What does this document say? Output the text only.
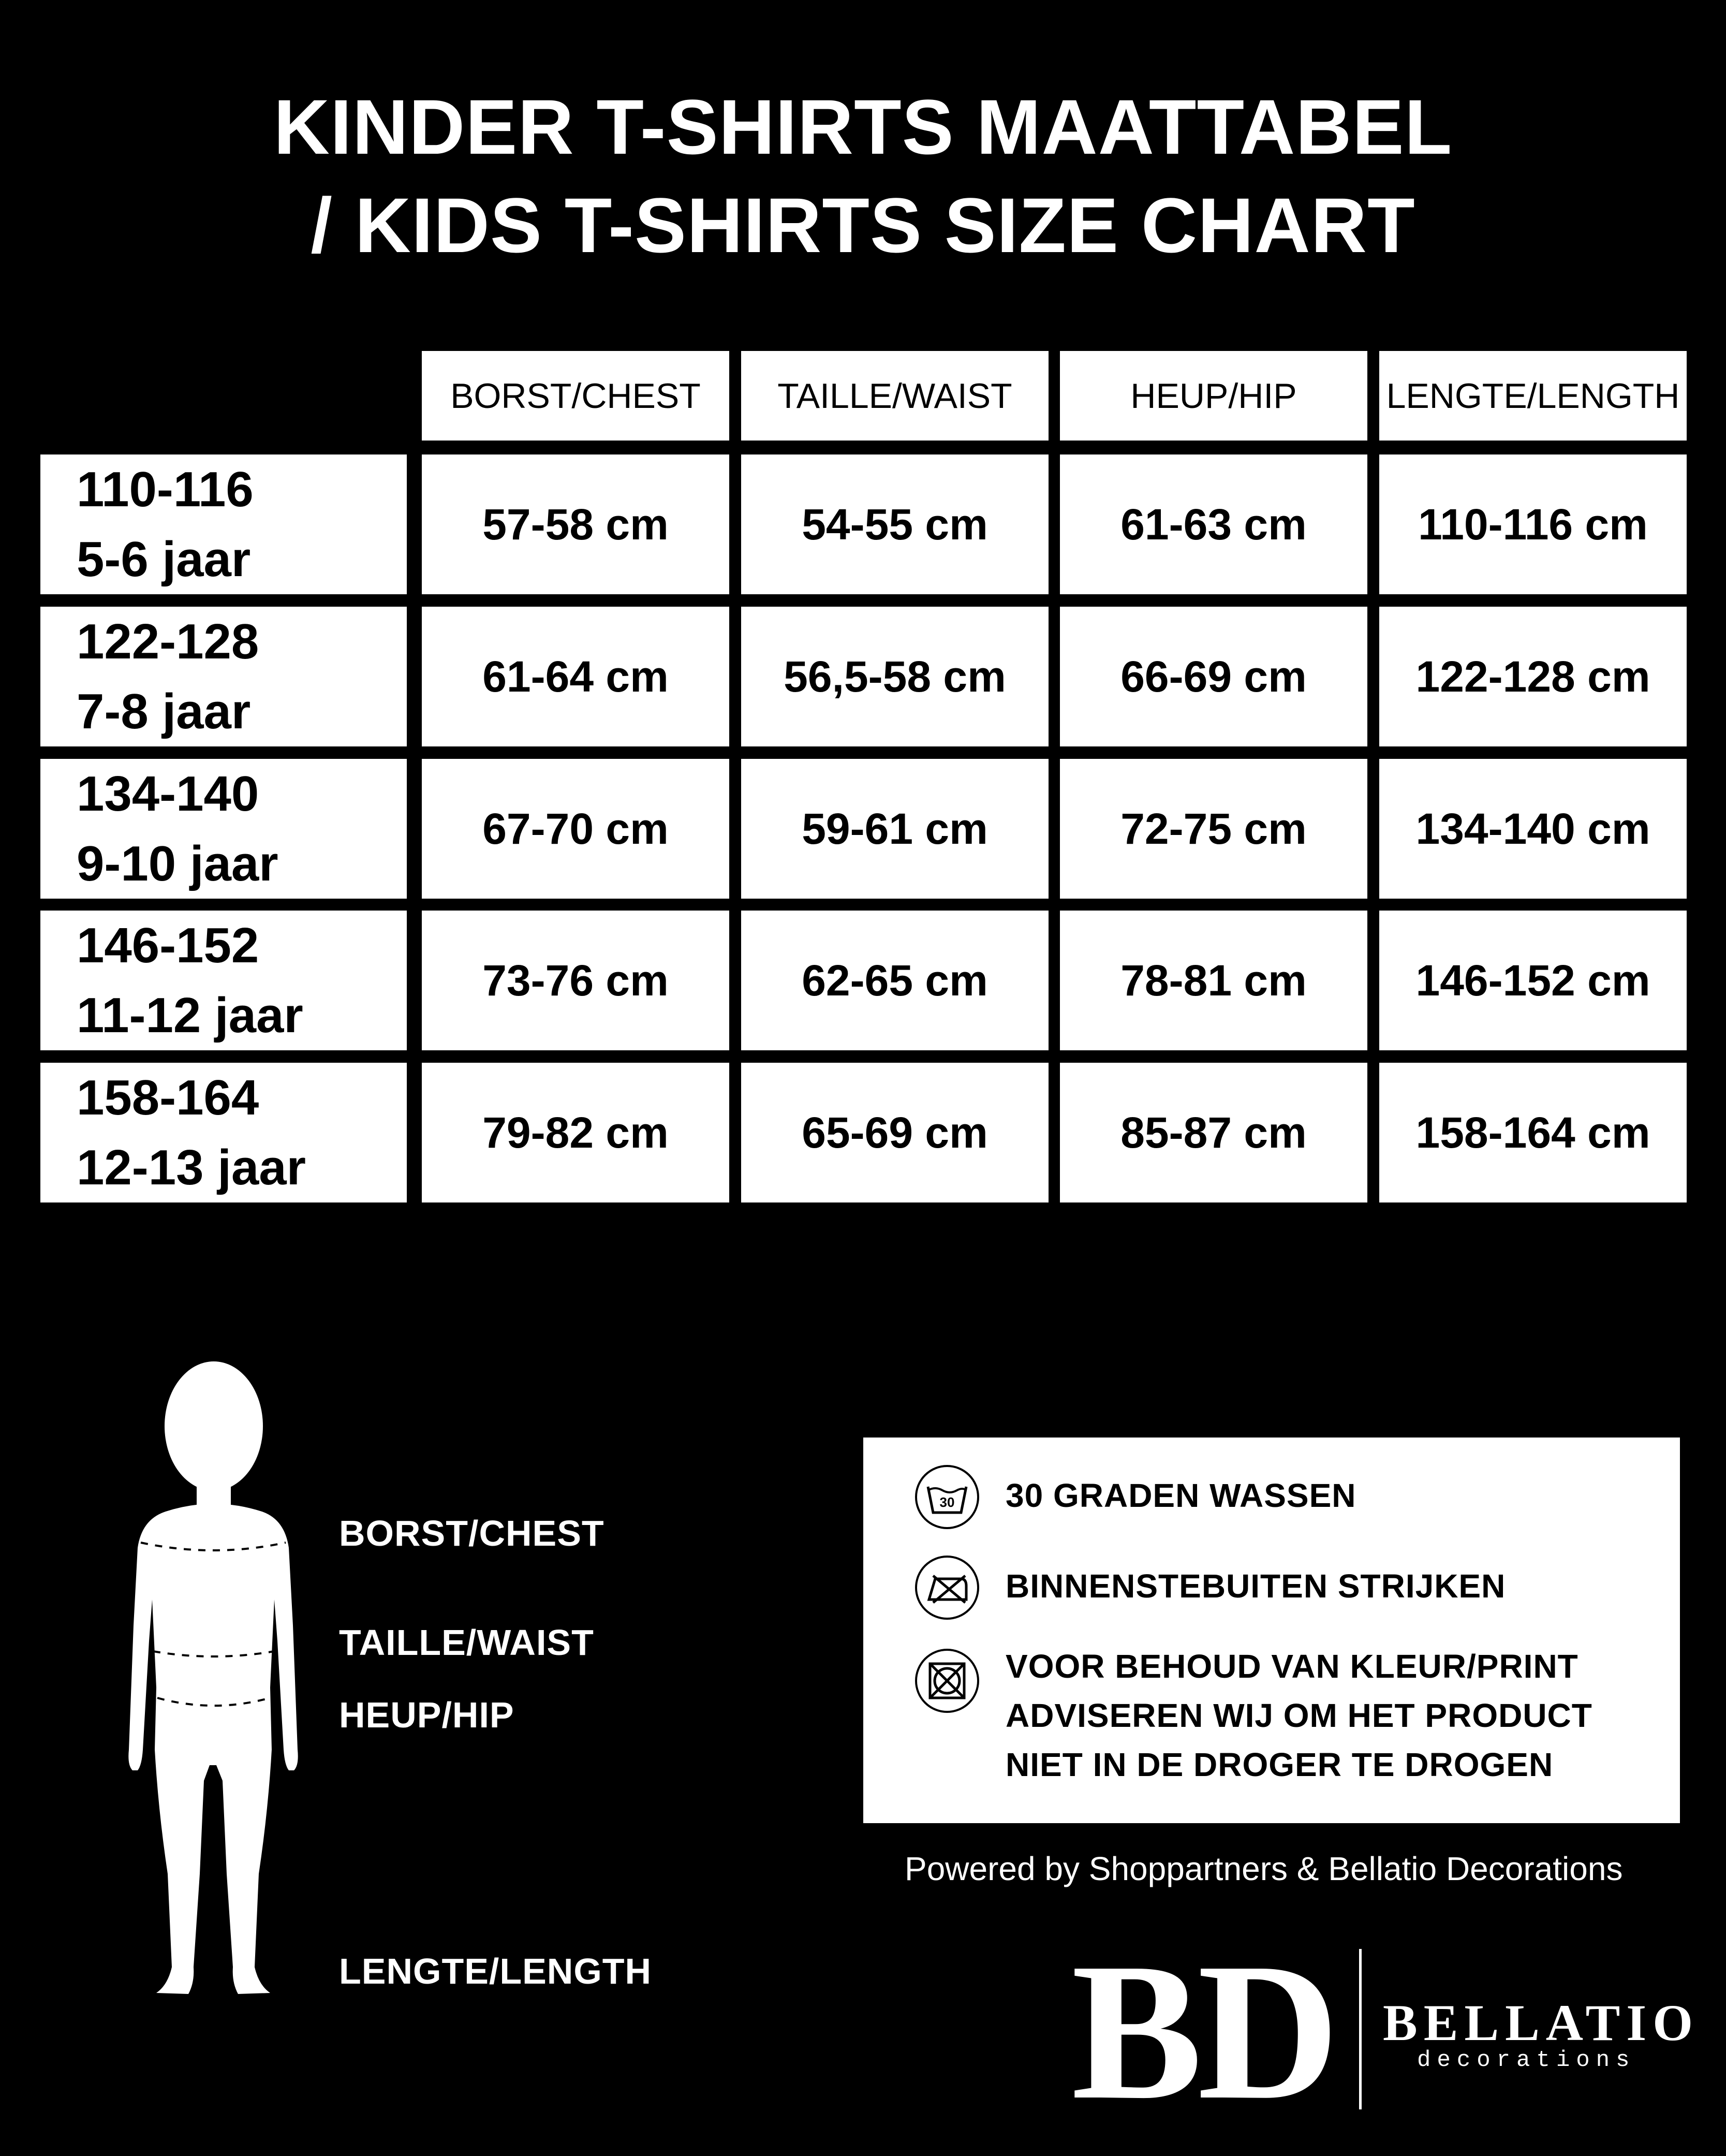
KINDER T-SHIRTS MAATTABEL
/ KIDS T-SHIRTS SIZE CHART
BORST/CHEST	TAILLE/WAIST	HEUP/HIP	LENGTE/LENGTH
110-116
5-6 jaar
57-58 cm	54-55 cm	61-63 cm	110-116 cm
122-128
7-8 jaar
61-64 cm	56,5-58 cm	66-69 cm	122-128 cm
134-140
9-10 jaar
67-70 cm	59-61 cm	72-75 cm	134-140 cm
146-152
11-12 jaar
73-76 cm	62-65 cm	78-81 cm	146-152 cm
158-164
12-13 jaar
79-82 cm	65-69 cm	85-87 cm	158-164 cm
BORST/CHEST
TAILLE/WAIST
HEUP/HIP
LENGTE/LENGTH
30 30 GRADEN WASSEN
BINNENSTEBUITEN STRIJKEN
VOOR BEHOUD VAN KLEUR/PRINT
ADVISEREN WIJ OM HET PRODUCT
NIET IN DE DROGER TE DROGEN
Powered by Shoppartners & Bellatio Decorations
BD BELLATIO
decorations
